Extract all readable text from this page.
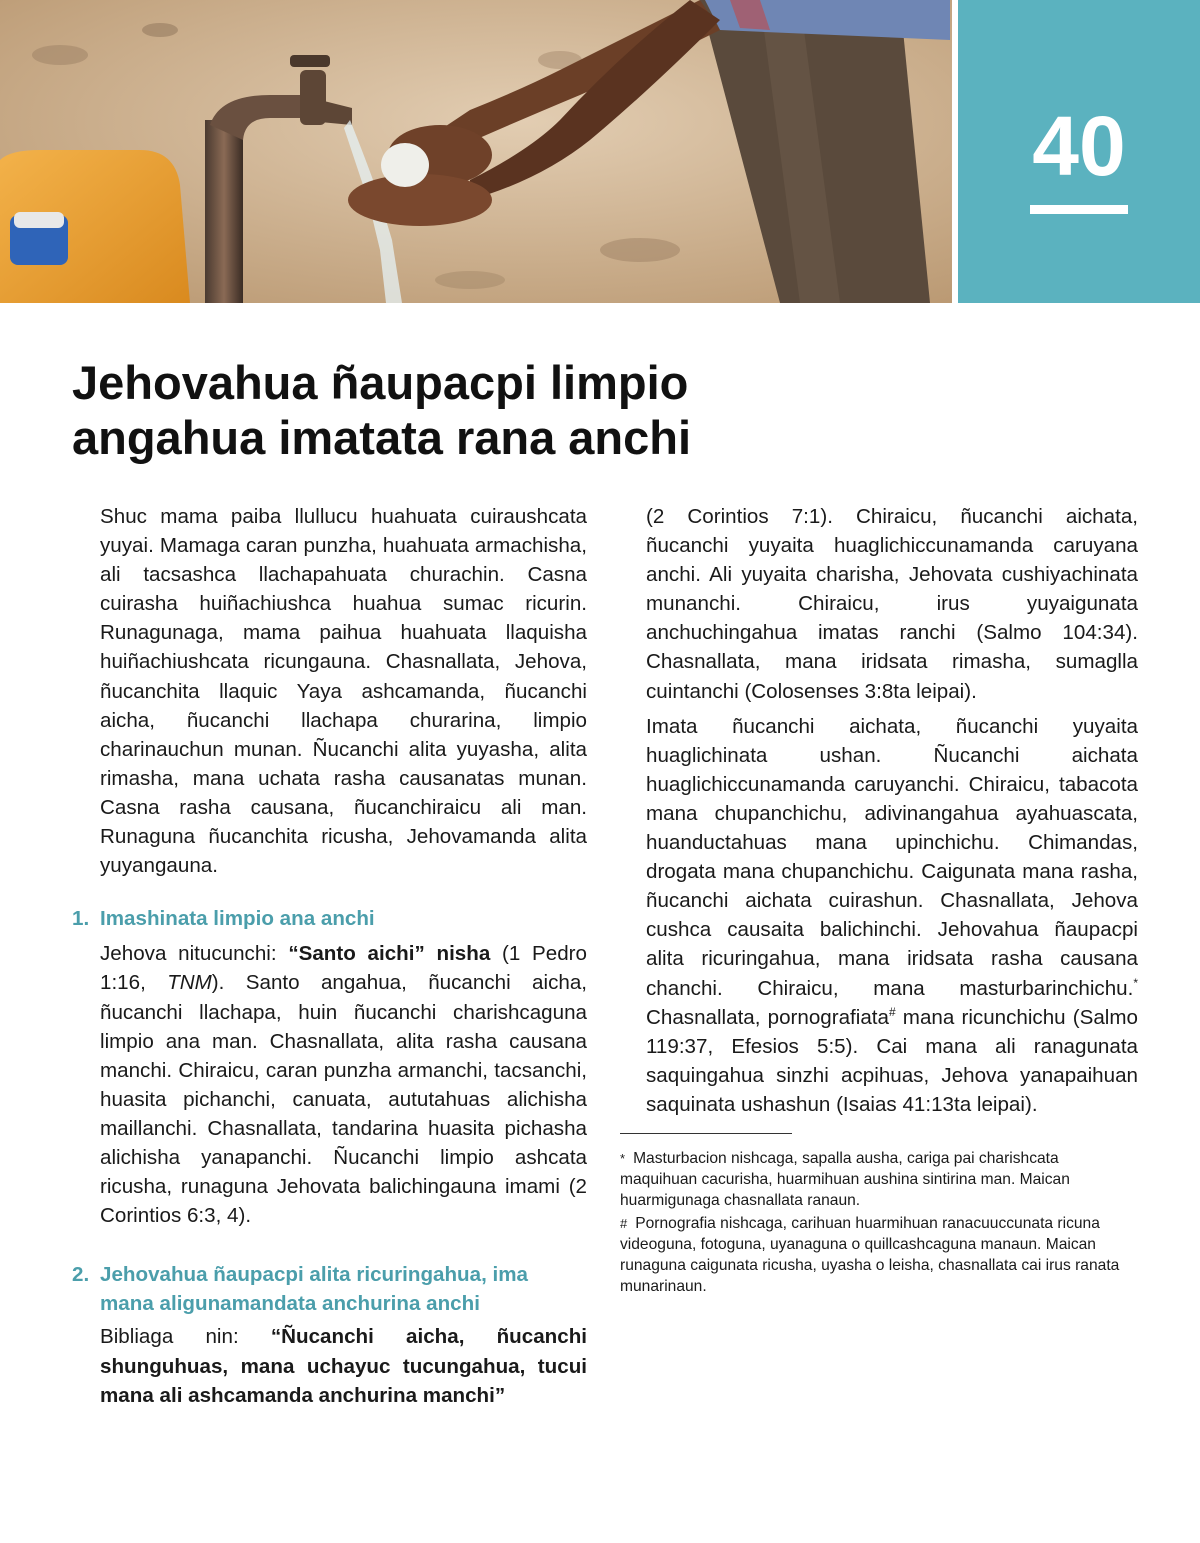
40
Jehovahua ñaupacpi limpio
angahua imatata rana anchi

Shuc mama paiba llullucu huahuata cuiraushcata yuyai. Mamaga caran punzha, huahuata armachisha, ali tacsashca llachapahuata churachin. Casna cuirasha huiñachiushca huahua sumac ricurin. Runagunaga, mama paihua huahuata llaquisha huiñachiushcata ricungauna. Chasnallata, Jehova, ñucanchita llaquic Yaya ashcamanda, ñucanchi aicha, ñucanchi llachapa churarina, limpio charinauchun munan. Ñucanchi alita yuyasha, alita rimasha, mana uchata rasha causanatas munan. Casna rasha causana, ñucanchiraicu ali man. Runaguna ñucanchita ricusha, Jehovamanda alita yuyangauna.

1. Imashinata limpio ana anchi

Jehova nitucunchi: “Santo aichi” nisha (1 Pedro 1:16, TNM). Santo angahua, ñucanchi aicha, ñucanchi llachapa, huin ñucanchi charishcaguna limpio ana man. Chasnallata, alita rasha causana manchi. Chiraicu, caran punzha armanchi, tacsanchi, huasita pichanchi, canuata, aututahuas alichisha maillanchi. Chasnallata, tandarina huasita pichasha alichisha yanapanchi. Ñucanchi limpio ashcata ricusha, runaguna Jehovata balichingauna imami (2 Corintios 6:3, 4).

2. Jehovahua ñaupacpi alita ricuringahua, ima
mana aligunamandata anchurina anchi

Bibliaga nin: “Ñucanchi aicha, ñucanchi shunguhuas, mana uchayuc tucungahua, tucui mana ali ashcamanda anchurina manchi”

(2 Corintios 7:1). Chiraicu, ñucanchi aichata, ñucanchi yuyaita huaglichiccunamanda caruyana anchi. Ali yuyaita charisha, Jehovata cushiyachinata munanchi. Chiraicu, irus yuyaigunata anchuchingahua imatas ranchi (Salmo 104:34). Chasnallata, mana iridsata rimasha, sumaglla cuintanchi (Colosenses 3:8ta leipai).

Imata ñucanchi aichata, ñucanchi yuyaita huaglichinata ushan. Ñucanchi aichata huaglichiccunamanda caruyanchi. Chiraicu, tabacota mana chupanchichu, adivinangahua ayahuascata, huanductahuas mana upinchichu. Chimandas, drogata mana chupanchichu. Caigunata mana rasha, ñucanchi aichata cuirashun. Chasnallata, Jehova cushca causaita balichinchi. Jehovahua ñaupacpi alita ricuringahua, mana iridsata rasha causana chanchi. Chiraicu, mana masturbarinchichu.* Chasnallata, pornografiata# mana ricunchichu (Salmo 119:37, Efesios 5:5). Cai mana ali ranagunata saquingahua sinzhi acpihuas, Jehova yanapaihuan saquinata ushashun (Isaias 41:13ta leipai).

* Masturbacion nishcaga, sapalla ausha, cariga pai charishcata maquihuan cacurisha, huarmihuan aushina sintirina man. Maican huarmigunaga chasnallata ranaun.

# Pornografia nishcaga, carihuan huarmihuan ranacuuccunata ricuna videoguna, fotoguna, uyanaguna o quillcashcaguna manaun. Maican runaguna caigunata ricusha, uyasha o leisha, chasnallata cai irus ranata munarinaun.
